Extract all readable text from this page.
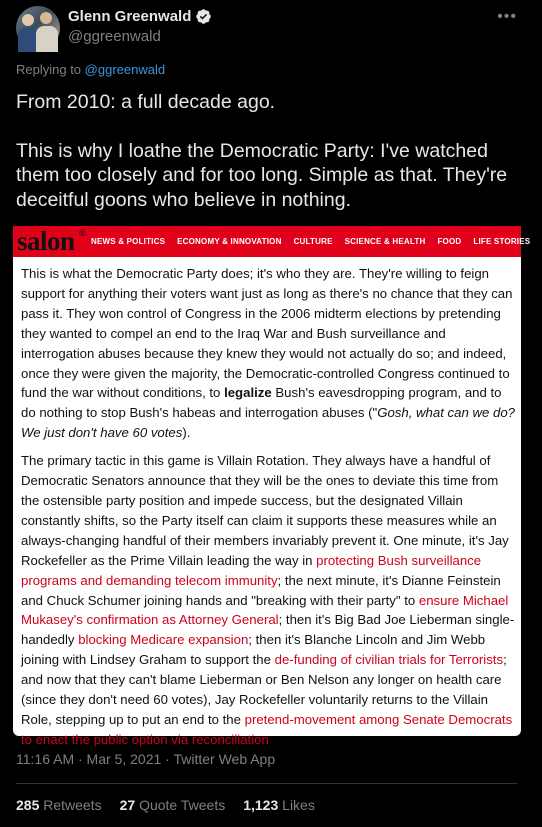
Glenn Greenwald
@ggreenwald
•••
Replying to @ggreenwald

From 2010: a full decade ago.

This is why I loathe the Democratic Party: I've watched them too closely and for too long. Simple as that. They're deceitful goons who believe in nothing.

salon ®
NEWS & POLITICS ECONOMY & INNOVATION CULTURE SCIENCE & HEALTH FOOD LIFE STORIES

This is what the Democratic Party does; it's who they are. They're willing to feign support for anything their voters want just as long as there's no chance that they can pass it. They won control of Congress in the 2006 midterm elections by pretending they wanted to compel an end to the Iraq War and Bush surveillance and interrogation abuses because they knew they would not actually do so; and indeed, once they were given the majority, the Democratic-controlled Congress continued to fund the war without conditions, to legalize Bush's eavesdropping program, and to do nothing to stop Bush's habeas and interrogation abuses ("Gosh, what can we do? We just don't have 60 votes).

The primary tactic in this game is Villain Rotation. They always have a handful of Democratic Senators announce that they will be the ones to deviate this time from the ostensible party position and impede success, but the designated Villain constantly shifts, so the Party itself can claim it supports these measures while an always-changing handful of their members invariably prevent it. One minute, it's Jay Rockefeller as the Prime Villain leading the way in protecting Bush surveillance programs and demanding telecom immunity; the next minute, it's Dianne Feinstein and Chuck Schumer joining hands and "breaking with their party" to ensure Michael Mukasey's confirmation as Attorney General; then it's Big Bad Joe Lieberman single-handedly blocking Medicare expansion; then it's Blanche Lincoln and Jim Webb joining with Lindsey Graham to support the de-funding of civilian trials for Terrorists; and now that they can't blame Lieberman or Ben Nelson any longer on health care (since they don't need 60 votes), Jay Rockefeller voluntarily returns to the Villain Role, stepping up to put an end to the pretend-movement among Senate Democrats to enact the public option via reconciliation.

11:16 AM · Mar 5, 2021 · Twitter Web App
285 Retweets 27 Quote Tweets 1,123 Likes
